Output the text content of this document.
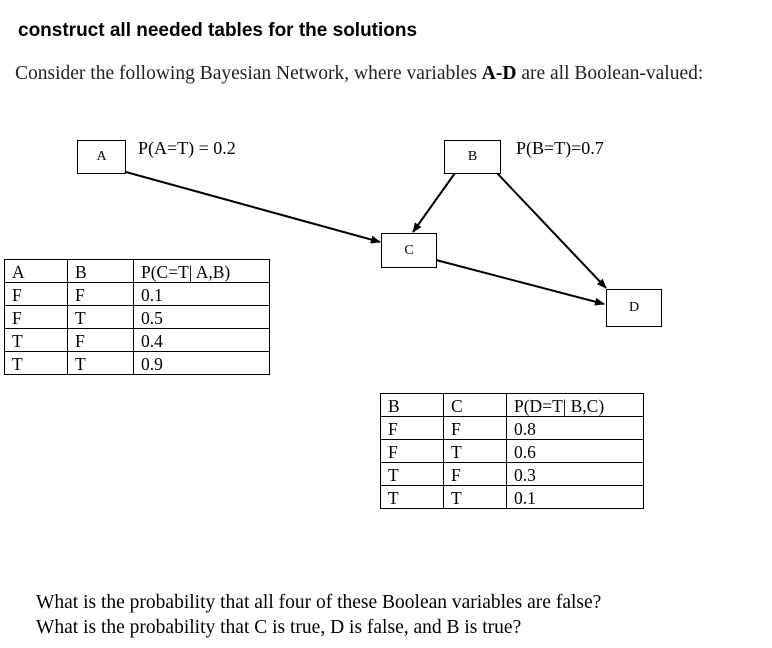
construct all needed tables for the solutions
Consider the following Bayesian Network, where variables A-D are all Boolean-valued:
A	P(A=T) = 0.2	B	P(B=T)=0.7
C
D
A	B	P(C=T| A,B)
F	F	0.1
F	T	0.5
T	F	0.4
T	T	0.9
B	C	P(D=T| B,C)
F	F	0.8
F	T	0.6
T	F	0.3
T	T	0.1
What is the probability that all four of these Boolean variables are false?
What is the probability that C is true, D is false, and B is true?
